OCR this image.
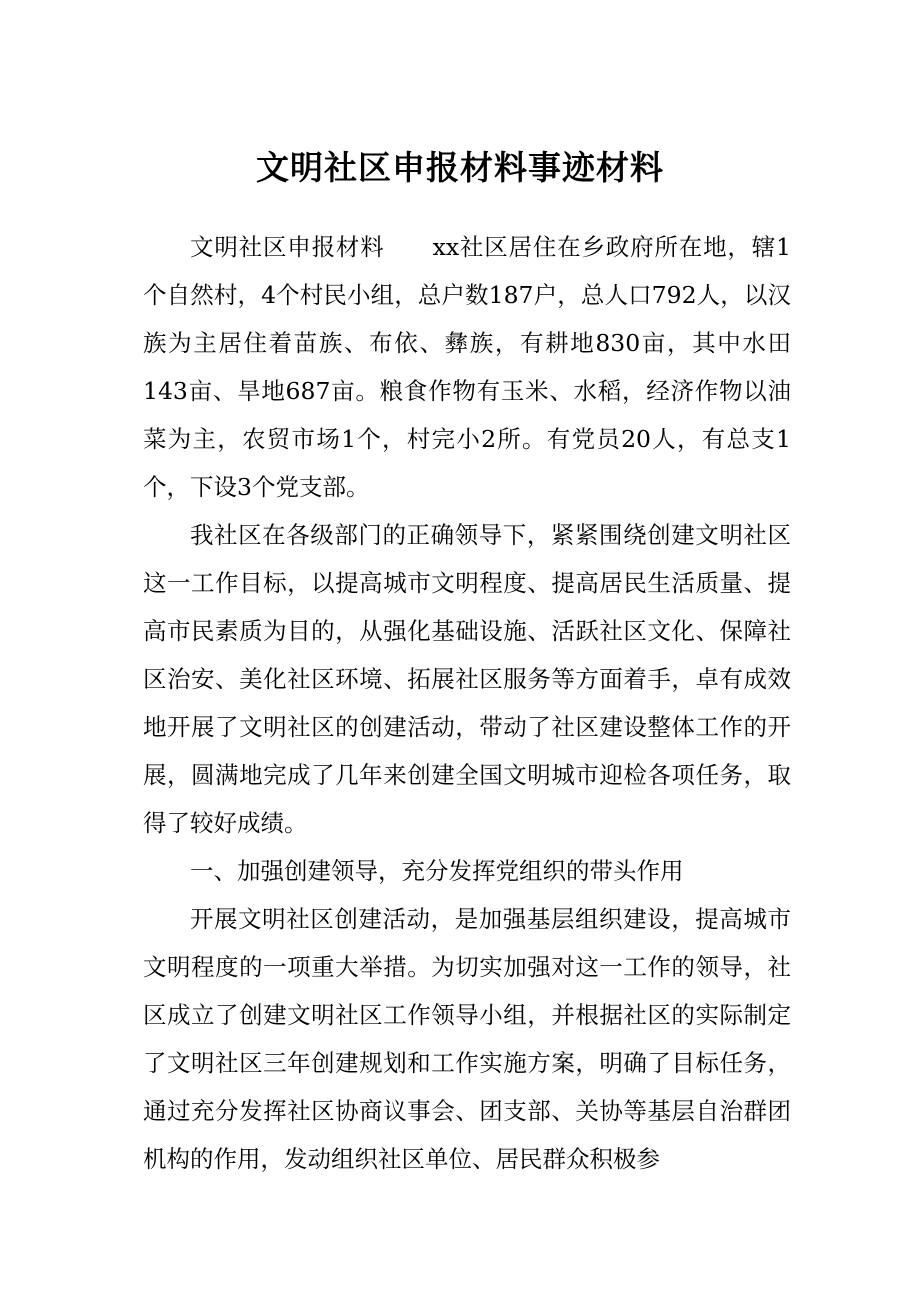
文明社区申报材料事迹材料

文明社区申报材料 xx社区居住在乡政府所在地，辖1个自然村，4个村民小组，总户数187户，总人口792人，以汉族为主居住着苗族、布依、彝族，有耕地830亩，其中水田143亩、旱地687亩。粮食作物有玉米、水稻，经济作物以油菜为主，农贸市场1个，村完小2所。有党员20人，有总支1个，下设3个党支部。

我社区在各级部门的正确领导下，紧紧围绕创建文明社区这一工作目标，以提高城市文明程度、提高居民生活质量、提高市民素质为目的，从强化基础设施、活跃社区文化、保障社区治安、美化社区环境、拓展社区服务等方面着手，卓有成效地开展了文明社区的创建活动，带动了社区建设整体工作的开展，圆满地完成了几年来创建全国文明城市迎检各项任务，取得了较好成绩。

一、加强创建领导，充分发挥党组织的带头作用

开展文明社区创建活动，是加强基层组织建设，提高城市文明程度的一项重大举措。为切实加强对这一工作的领导，社区成立了创建文明社区工作领导小组，并根据社区的实际制定了文明社区三年创建规划和工作实施方案，明确了目标任务，通过充分发挥社区协商议事会、团支部、关协等基层自治群团机构的作用，发动组织社区单位、居民群众积极参
